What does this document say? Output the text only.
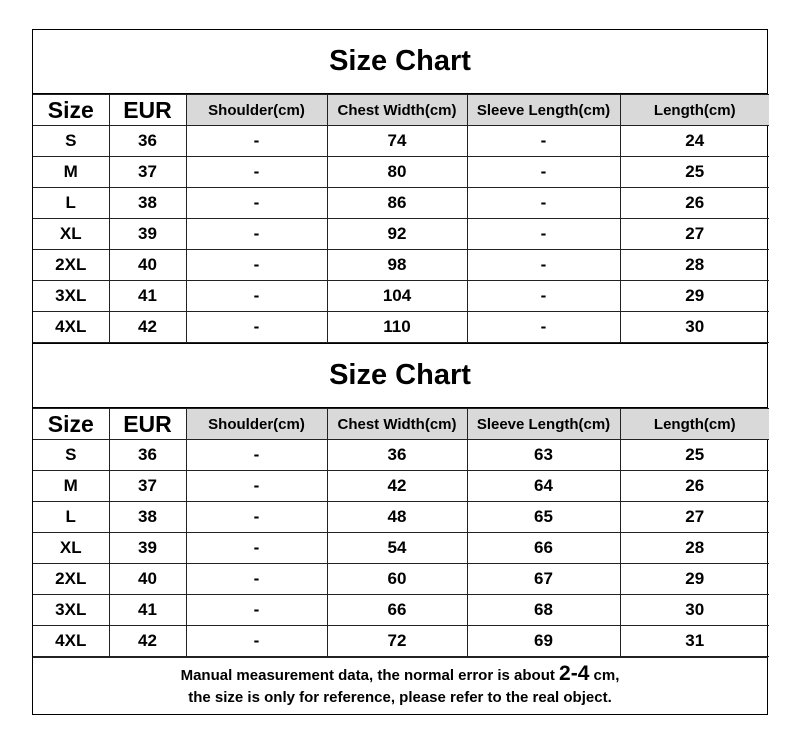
Size Chart
Size	EUR	Shoulder(cm)	Chest Width(cm)	Sleeve Length(cm)	Length(cm)
S	36	-	74	-	24
M	37	-	80	-	25
L	38	-	86	-	26
XL	39	-	92	-	27
2XL	40	-	98	-	28
3XL	41	-	104	-	29
4XL	42	-	110	-	30
Size Chart
Size	EUR	Shoulder(cm)	Chest Width(cm)	Sleeve Length(cm)	Length(cm)
S	36	-	36	63	25
M	37	-	42	64	26
L	38	-	48	65	27
XL	39	-	54	66	28
2XL	40	-	60	67	29
3XL	41	-	66	68	30
4XL	42	-	72	69	31
Manual measurement data, the normal error is about 2-4 cm,
the size is only for reference, please refer to the real object.
